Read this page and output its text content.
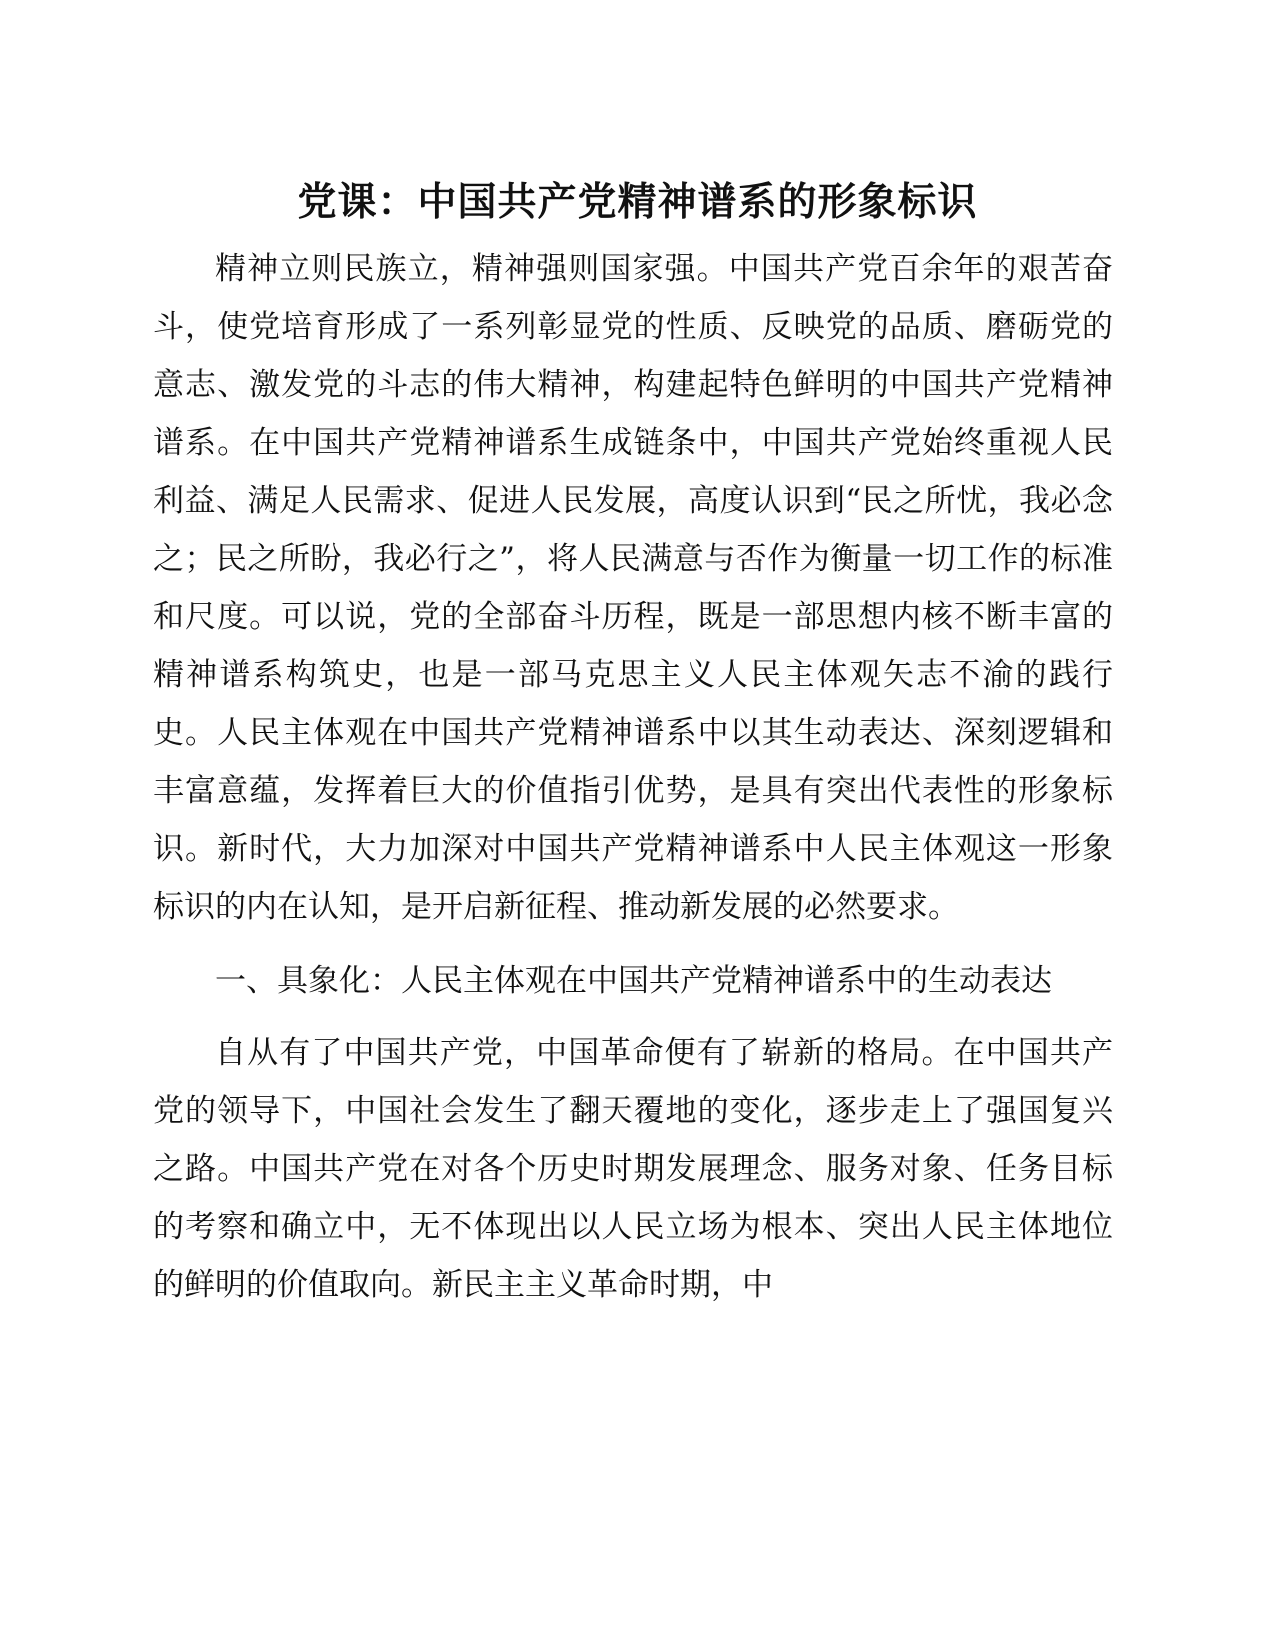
党课：中国共产党精神谱系的形象标识

精神立则民族立，精神强则国家强。中国共产党百余年的艰苦奋斗，使党培育形成了一系列彰显党的性质、反映党的品质、磨砺党的意志、激发党的斗志的伟大精神，构建起特色鲜明的中国共产党精神谱系。在中国共产党精神谱系生成链条中，中国共产党始终重视人民利益、满足人民需求、促进人民发展，高度认识到“民之所忧，我必念之；民之所盼，我必行之”，将人民满意与否作为衡量一切工作的标准和尺度。可以说，党的全部奋斗历程，既是一部思想内核不断丰富的精神谱系构筑史，也是一部马克思主义人民主体观矢志不渝的践行史。人民主体观在中国共产党精神谱系中以其生动表达、深刻逻辑和丰富意蕴，发挥着巨大的价值指引优势，是具有突出代表性的形象标识。新时代，大力加深对中国共产党精神谱系中人民主体观这一形象标识的内在认知，是开启新征程、推动新发展的必然要求。

一、具象化：人民主体观在中国共产党精神谱系中的生动表达

自从有了中国共产党，中国革命便有了崭新的格局。在中国共产党的领导下，中国社会发生了翻天覆地的变化，逐步走上了强国复兴之路。中国共产党在对各个历史时期发展理念、服务对象、任务目标的考察和确立中，无不体现出以人民立场为根本、突出人民主体地位的鲜明的价值取向。新民主主义革命时期，中
